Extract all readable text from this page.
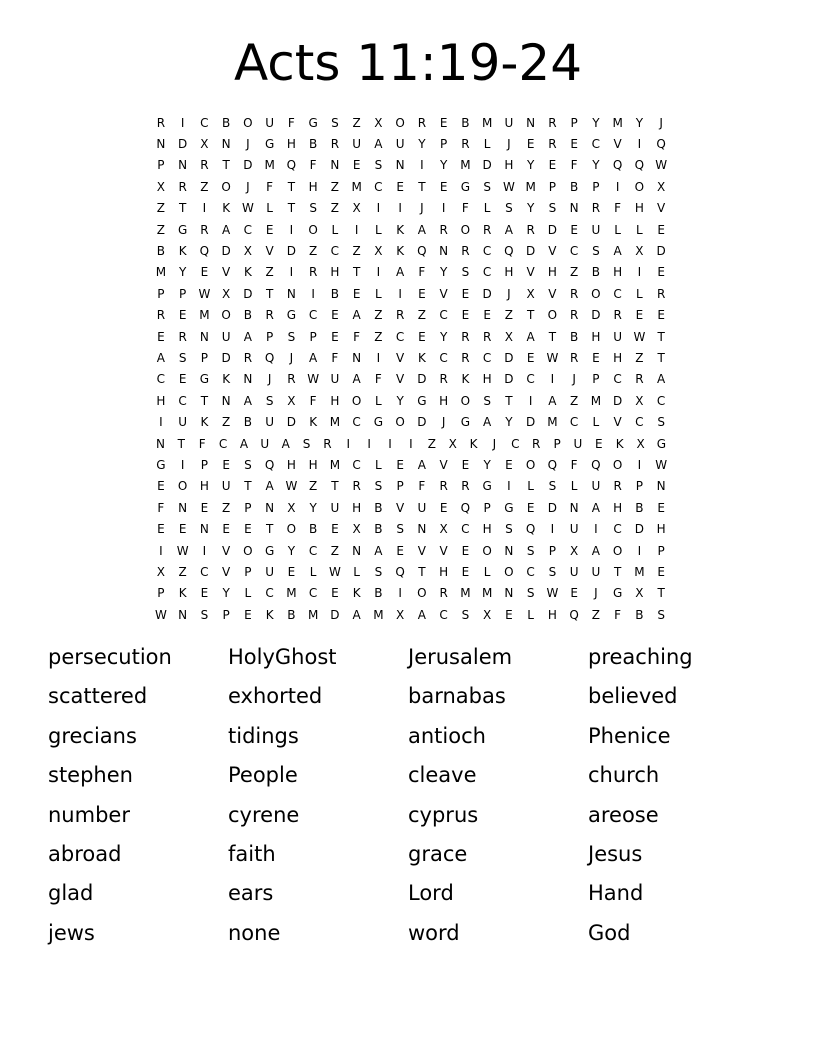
Acts 11:19-24
R	I	C	B	O	U	F	G	S	Z	X	O	R	E	B	M	U	N	R	P	Y	M	Y	J
N	D	X	N	J	G	H	B	R	U	A	U	Y	P	R	L	J	E	R	E	C	V	I	Q
P	N	R	T	D M Q	F	N	E	S	N	I	Y	M D	H	Y	E	F	Y	Q	Q W
X	R	Z	O	J	F	T	H	Z	M	C	E	T	E	G	S	W M	P	B	P	I	O	X
Z	T	I	K W	L	T	S	Z	X	I	I	J	I	F	L	S	Y	S	N	R	F	H	V
Z	G	R	A	C	E	I	O	L	I	L	K	A	R	O	R	A	R	D	E	U	L	L	E
B	K	Q	D	X	V	D	Z	C	Z	X	K	Q	N	R	C	Q	D	V	C	S	A	X	D
M	Y	E	V	K	Z	I	R	H	T	I	A	F	Y	S	C	H	V	H	Z	B	H	I	E
P	P	W X	D	T	N	I	B	E	L	I	E	V	E	D	J	X	V	R	O	C	L	R
R	E	M O	B	R	G	C	E	A	Z	R	Z	C	E	E	Z	T	O	R	D	R	E	E
E	R	N	U	A	P	S	P	E	F	Z	C	E	Y	R	R	X	A	T	B	H	U W	T
A	S	P	D	R	Q	J	A	F	N	I	V	K	C	R	C	D	E	W R	E	H	Z	T
C	E	G	K	N	J	R W U	A	F	V	D	R	K	H	D	C	I	J	P	C	R	A
H	C	T	N	A	S	X	F	H	O	L	Y	G	H	O	S	T	I	A	Z	M D	X	C
I	U	K	Z	B	U	D	K	M	C	G	O	D	J	G	A	Y	D M	C	L	V	C	S
N	T	F	C	A	U	A	S	R	I	I	I	I	Z	X	K	J	C	R	P	U	E	K	X	G
G	I	P	E	S	Q	H	H	M	C	L	E	A	V	E	Y	E	O	Q	F	Q	O	I	W
E	O	H	U	T	A W Z	T	R	S	P	F	R	R	G	I	L	S	L	U	R	P	N
F	N	E	Z	P	N	X	Y	U	H	B	V	U	E	Q	P	G	E	D	N	A	H	B	E
E	E	N	E	E	T	O	B	E	X	B	S	N	X	C	H	S	Q	I	U	I	C	D	H
I	W	I	V	O	G	Y	C	Z	N	A	E	V	V	E	O	N	S	P	X	A	O	I	P
X	Z	C	V	P	U	E	L	W	L	S	Q	T	H	E	L	O	C	S	U	U	T	M	E
P	K	E	Y	L	C	M	C	E	K	B	I	O	R	M M	N	S	W	E	J	G	X	T
W N	S	P	E	K	B	M D	A	M	X	A	C	S	X	E	L	H	Q	Z	F	B	S
persecution	HolyGhost	Jerusalem	preaching
scattered	exhorted	barnabas	believed
grecians	tidings	antioch	Phenice
stephen	People	cleave	church
number	cyrene	cyprus	areose
abroad	faith	grace	Jesus
glad	ears	Lord	Hand
jews	none	word	God
